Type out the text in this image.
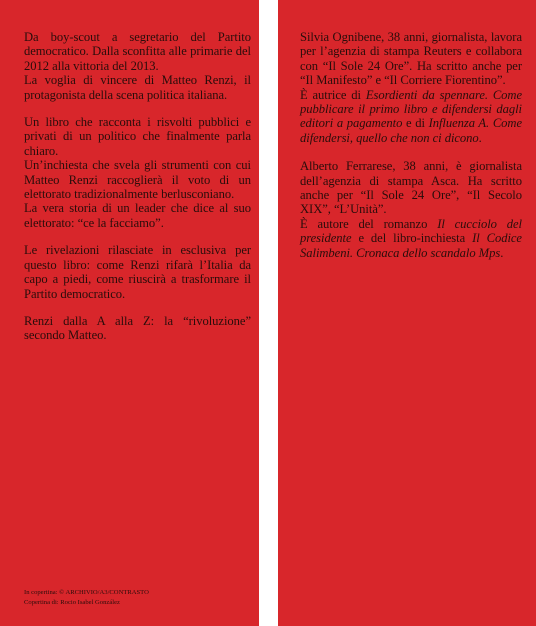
Da boy-scout a segretario del Partito democratico. Dalla sconfitta alle primarie del 2012 alla vittoria del 2013.

La voglia di vincere di Matteo Renzi, il protagonista della scena politica italiana.

Un libro che racconta i risvolti pubblici e privati di un politico che finalmente parla chiaro.

Un’inchiesta che svela gli strumenti con cui Matteo Renzi raccoglierà il voto di un elettorato tradizionalmente berlusconiano.

La vera storia di un leader che dice al suo elettorato: “ce la facciamo”.

Le rivelazioni rilasciate in esclusiva per questo libro: come Renzi rifarà l’Italia da capo a piedi, come riuscirà a trasformare il Partito democratico.

Renzi dalla A alla Z: la “rivoluzione” secondo Matteo.

In copertina: © ARCHIVIO/A3/CONTRASTO
Copertina di: Rocio Isabel González

Silvia Ognibene, 38 anni, giornalista, lavora per l’agenzia di stampa Reuters e collabora con “Il Sole 24 Ore”. Ha scritto anche per “Il Manifesto” e “Il Corriere Fiorentino”.

È autrice di Esordienti da spennare. Come pubblicare il primo libro e difendersi dagli editori a pagamento e di Influenza A. Come difendersi, quello che non ci dicono.

Alberto Ferrarese, 38 anni, è giornalista dell’agenzia di stampa Asca. Ha scritto anche per “Il Sole 24 Ore”, “Il Secolo XIX”, “L’Unità”.

È autore del romanzo Il cucciolo del presidente e del libro-inchiesta Il Codice Salimbeni. Cronaca dello scandalo Mps.
